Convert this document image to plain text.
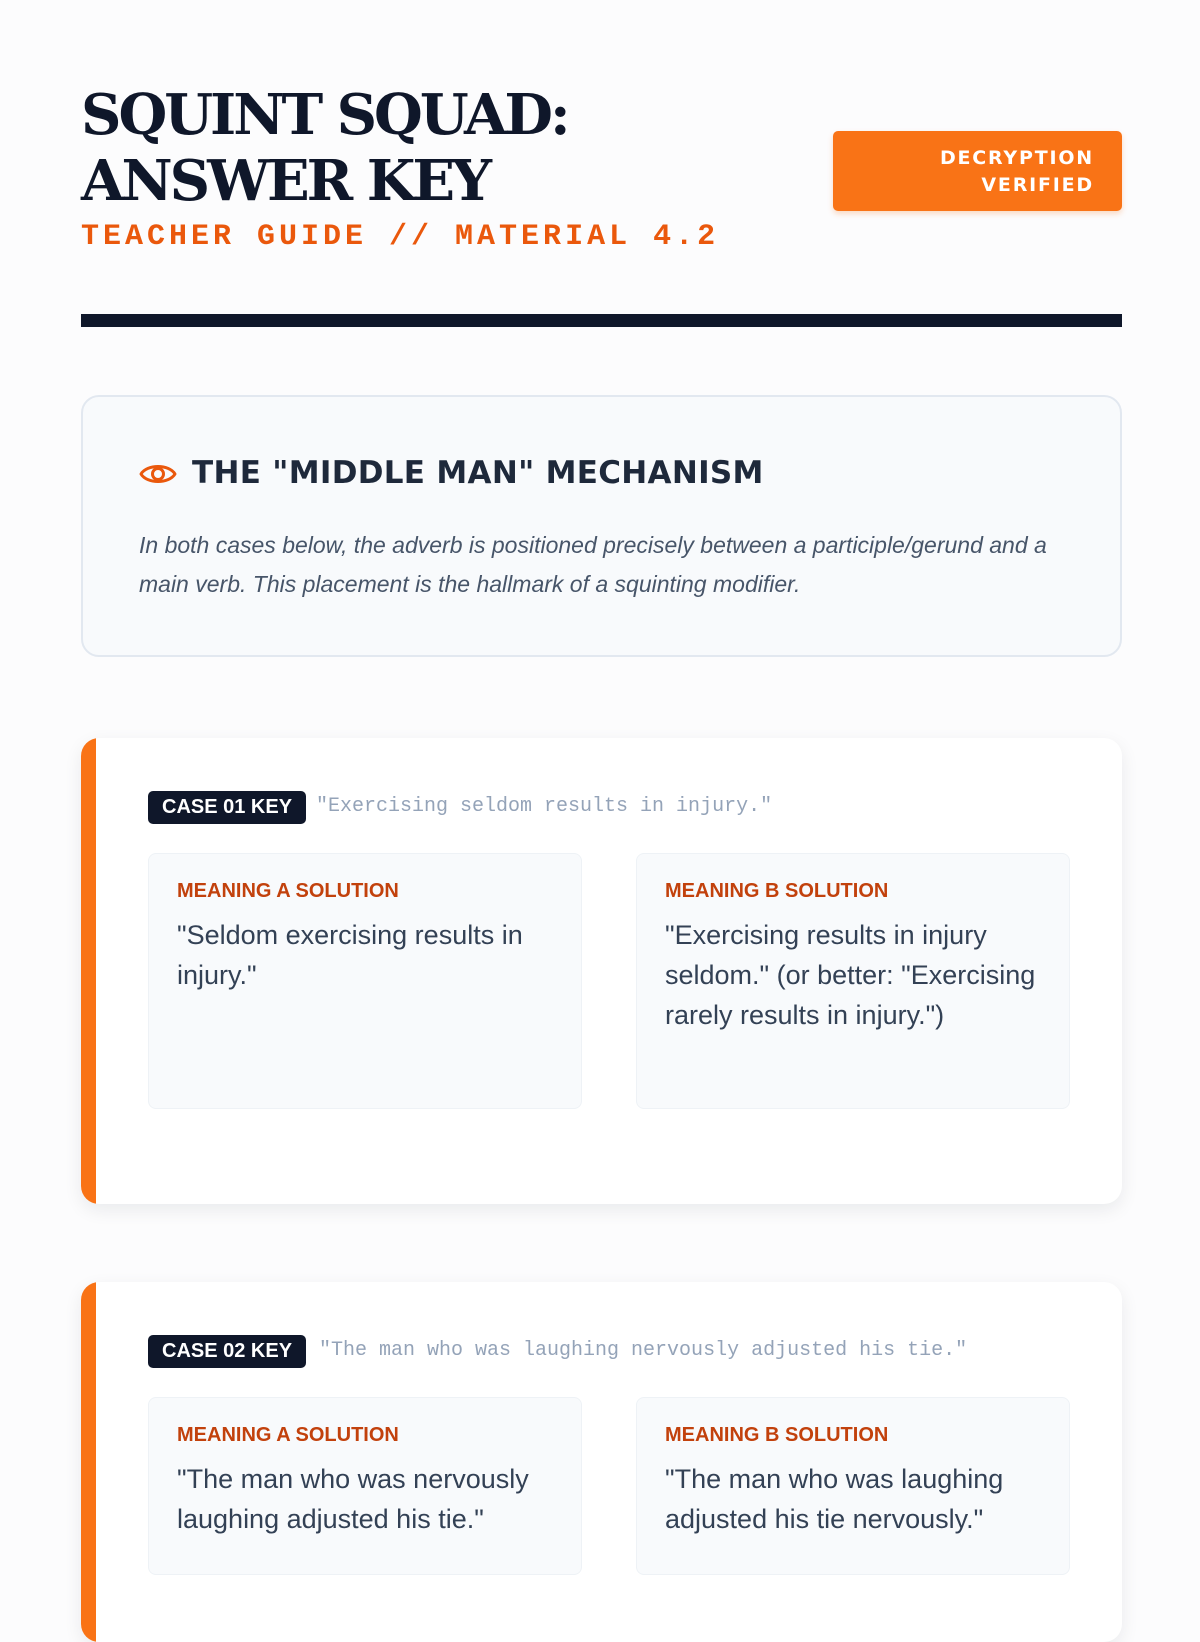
SQUINT SQUAD: ANSWER KEY
TEACHER GUIDE // MATERIAL 4.2
DECRYPTION
VERIFIED
THE "MIDDLE MAN" MECHANISM

In both cases below, the adverb is positioned precisely between a participle/gerund and a main verb. This placement is the hallmark of a squinting modifier.

CASE 01 KEY	"Exercising seldom results in injury."
MEANING A SOLUTION
"Seldom exercising results in injury."
MEANING B SOLUTION
"Exercising results in injury seldom." (or better: "Exercising rarely results in injury.")
CASE 02 KEY	"The man who was laughing nervously adjusted his tie."
MEANING A SOLUTION
"The man who was nervously laughing adjusted his tie."
MEANING B SOLUTION
"The man who was laughing adjusted his tie nervously."
